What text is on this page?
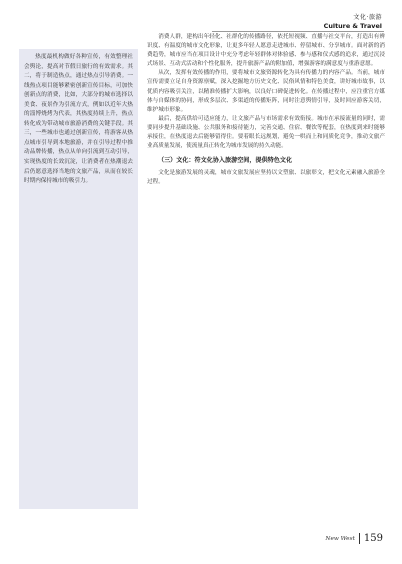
文化·旅游
Culture & Travel

热度最机构做好各种宣传，有效整理社会舆论，提高对节假日旅行的有效需求。其二，将于制造热点，通过热点引导消费。一线热点项目能够紧密创新宣传目标，可加快创新点的消费，比如，大部分的城市选择以美食、夜景作为引流方式，例如以近年大热的淄博烧烤为代表，其热度持续上升，热点转化成为带动城市旅游消费的关键手段。其三，一些城市也通过创新宣传，将游客从热点城市引导到本地旅游，并在引导过程中推动品牌传播，热点从单向引流到互动引导，实现热度的长效沉淀，让消费者在热潮退去后仍愿意选择当地的文旅产品，从而在较长时期内保持城市的吸引力。

消费人群，建构出年轻化、社群化的传播路径，依托短视频、直播与社交平台，打造出有辨识度、有温度的城市文化形象，让更多年轻人愿意走进城市、停留城市、分享城市。面对新的消费趋势，城市应当在项目设计中充分考虑年轻群体对体验感、参与感和仪式感的追求，通过沉浸式场景、互动式活动和个性化服务，提升旅游产品的附加值，增强游客的满意度与重游意愿。

从次，发挥有效传播的作用，要将城市文旅资源转化为具有传播力的内容产品。当前，城市宣传需要立足自身资源禀赋，深入挖掘地方历史文化、民俗风情和特色美食，讲好城市故事，以优质内容吸引关注，以精准传播扩大影响，以良好口碑促进转化。在传播过程中，应注重官方媒体与自媒体的协同，形成多层次、多渠道的传播矩阵，同时注意舆情引导，及时回应游客关切，维护城市形象。

最后，提高供给可适应能力，让文旅产品与市场需求有效衔接。城市在承接流量的同时，需要同步提升基础设施、公共服务和接待能力，完善交通、住宿、餐饮等配套，在热度到来时能够承接住，在热度退去后能够留得住。要着眼长远规划，避免一哄而上和同质化竞争，推动文旅产业高质量发展，使流量真正转化为城市发展的持久动能。

（三）文化：符文化协入旅游空间，提供特色文化

文化是旅游发展的灵魂，城市文旅发展应坚持以文塑旅、以旅彰文，把文化元素融入旅游全过程。

New West 159
